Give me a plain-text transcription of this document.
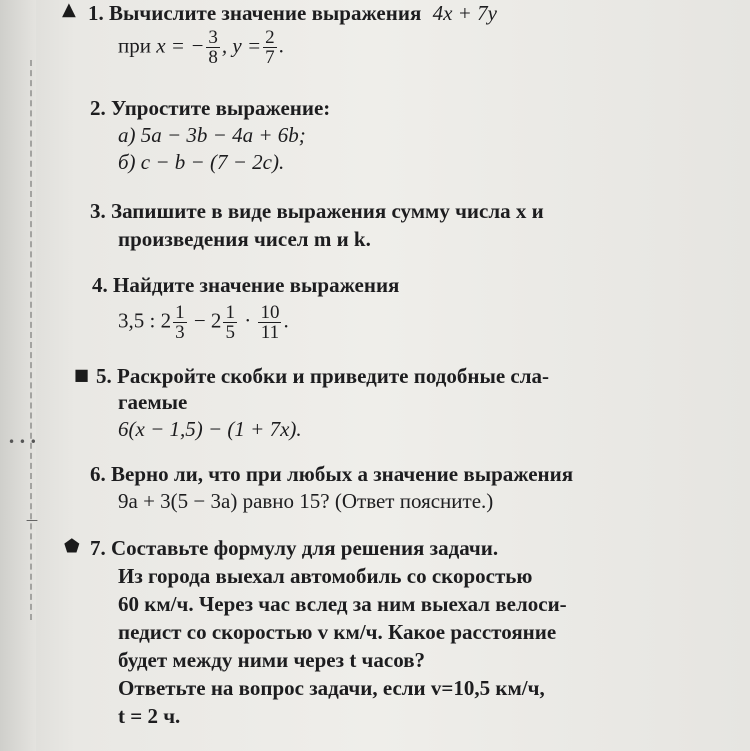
• • •
—
▲ 1. Вычислите значение выражения 4x + 7y
при x = − $\frac{3}{8}$ , $y = \frac{2}{7}$ .
2. Упростите выражение:
а) 5a − 3b − 4a + 6b;
б) c − b − (7 − 2c).
3. Запишите в виде выражения сумму числа x и
произведения чисел m и k.
4. Найдите значение выражения
3,5 : $2 \frac{1}{3} - 2 \frac{1}{5} \cdot \frac{10}{11}$ .
■ 5. Раскройте скобки и приведите подобные сла-
гаемые
6(x − 1,5) − (1 + 7x).
6. Верно ли, что при любых a значение выражения
9a + 3(5 − 3a) равно 15? (Ответ поясните.)
⬟ 7. Составьте формулу для решения задачи.
Из города выехал автомобиль со скоростью
60 км/ч. Через час вслед за ним выехал велоси-
педист со скоростью v км/ч. Какое расстояние
будет между ними через t часов?
Ответьте на вопрос задачи, если v=10,5 км/ч,
t = 2 ч.
